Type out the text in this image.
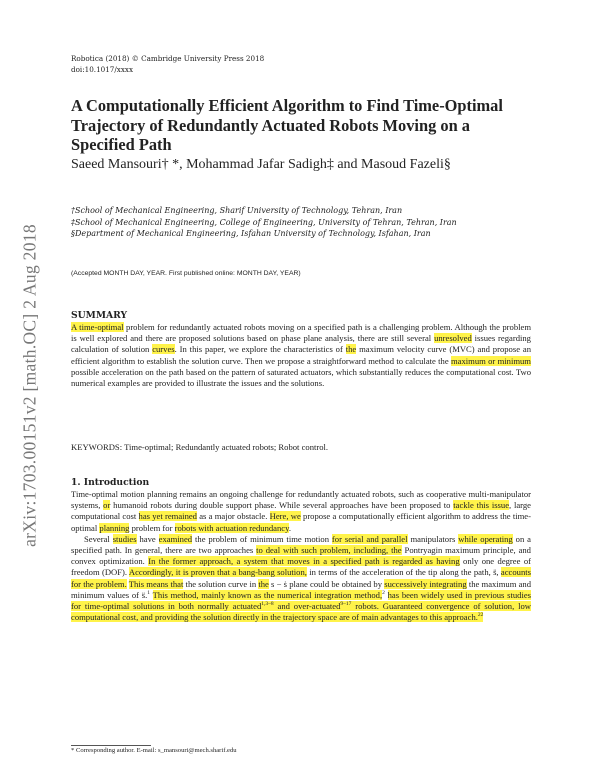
arXiv:1703.00151v2 [math.OC] 2 Aug 2018
Robotica (2018) © Cambridge University Press 2018
doi:10.1017/xxxx
A Computationally Efficient Algorithm to Find Time-Optimal Trajectory of Redundantly Actuated Robots Moving on a Specified Path
Saeed Mansouri† *, Mohammad Jafar Sadigh‡ and Masoud Fazeli§

†School of Mechanical Engineering, Sharif University of Technology, Tehran, Iran

‡School of Mechanical Engineering, College of Engineering, University of Tehran, Tehran, Iran

§Department of Mechanical Engineering, Isfahan University of Technology, Isfahan, Iran

(Accepted MONTH DAY, YEAR. First published online: MONTH DAY, YEAR)
SUMMARY

A time-optimal problem for redundantly actuated robots moving on a specified path is a challenging problem. Although the problem is well explored and there are proposed solutions based on phase plane analysis, there are still several unresolved issues regarding calculation of solution curves. In this paper, we explore the characteristics of the maximum velocity curve (MVC) and propose an efficient algorithm to establish the solution curve. Then we propose a straightforward method to calculate the maximum or minimum possible acceleration on the path based on the pattern of saturated actuators, which substantially reduces the computational cost. Two numerical examples are provided to illustrate the issues and the solutions.

KEYWORDS: Time-optimal; Redundantly actuated robots; Robot control.
1. Introduction

Time-optimal motion planning remains an ongoing challenge for redundantly actuated robots, such as cooperative multi-manipulator systems, or humanoid robots during double support phase. While several approaches have been proposed to tackle this issue, large computational cost has yet remained as a major obstacle. Here, we propose a computationally efficient algorithm to address the time-optimal planning problem for robots with actuation redundancy.

Several studies have examined the problem of minimum time motion for serial and parallel manipulators while operating on a specified path. In general, there are two approaches to deal with such problem, including, the Pontryagin maximum principle, and convex optimization. In the former approach, a system that moves in a specified path is regarded as having only one degree of freedom (DOF). Accordingly, it is proven that a bang-bang solution, in terms of the acceleration of the tip along the path, s̈, accounts for the problem. This means that the solution curve in the s − ṡ plane could be obtained by successively integrating the maximum and minimum values of s̈.$^1$ This method, mainly known as the numerical integration method,$^2$ has been widely used in previous studies for time-optimal solutions in both normally actuated$^{1,3-8}$ and over-actuated$^{9-17}$ robots. Guaranteed convergence of solution, low computational cost, and providing the solution directly in the trajectory space are of main advantages to this approach.$^{22}$

* Corresponding author. E-mail: s_mansouri@mech.sharif.edu
